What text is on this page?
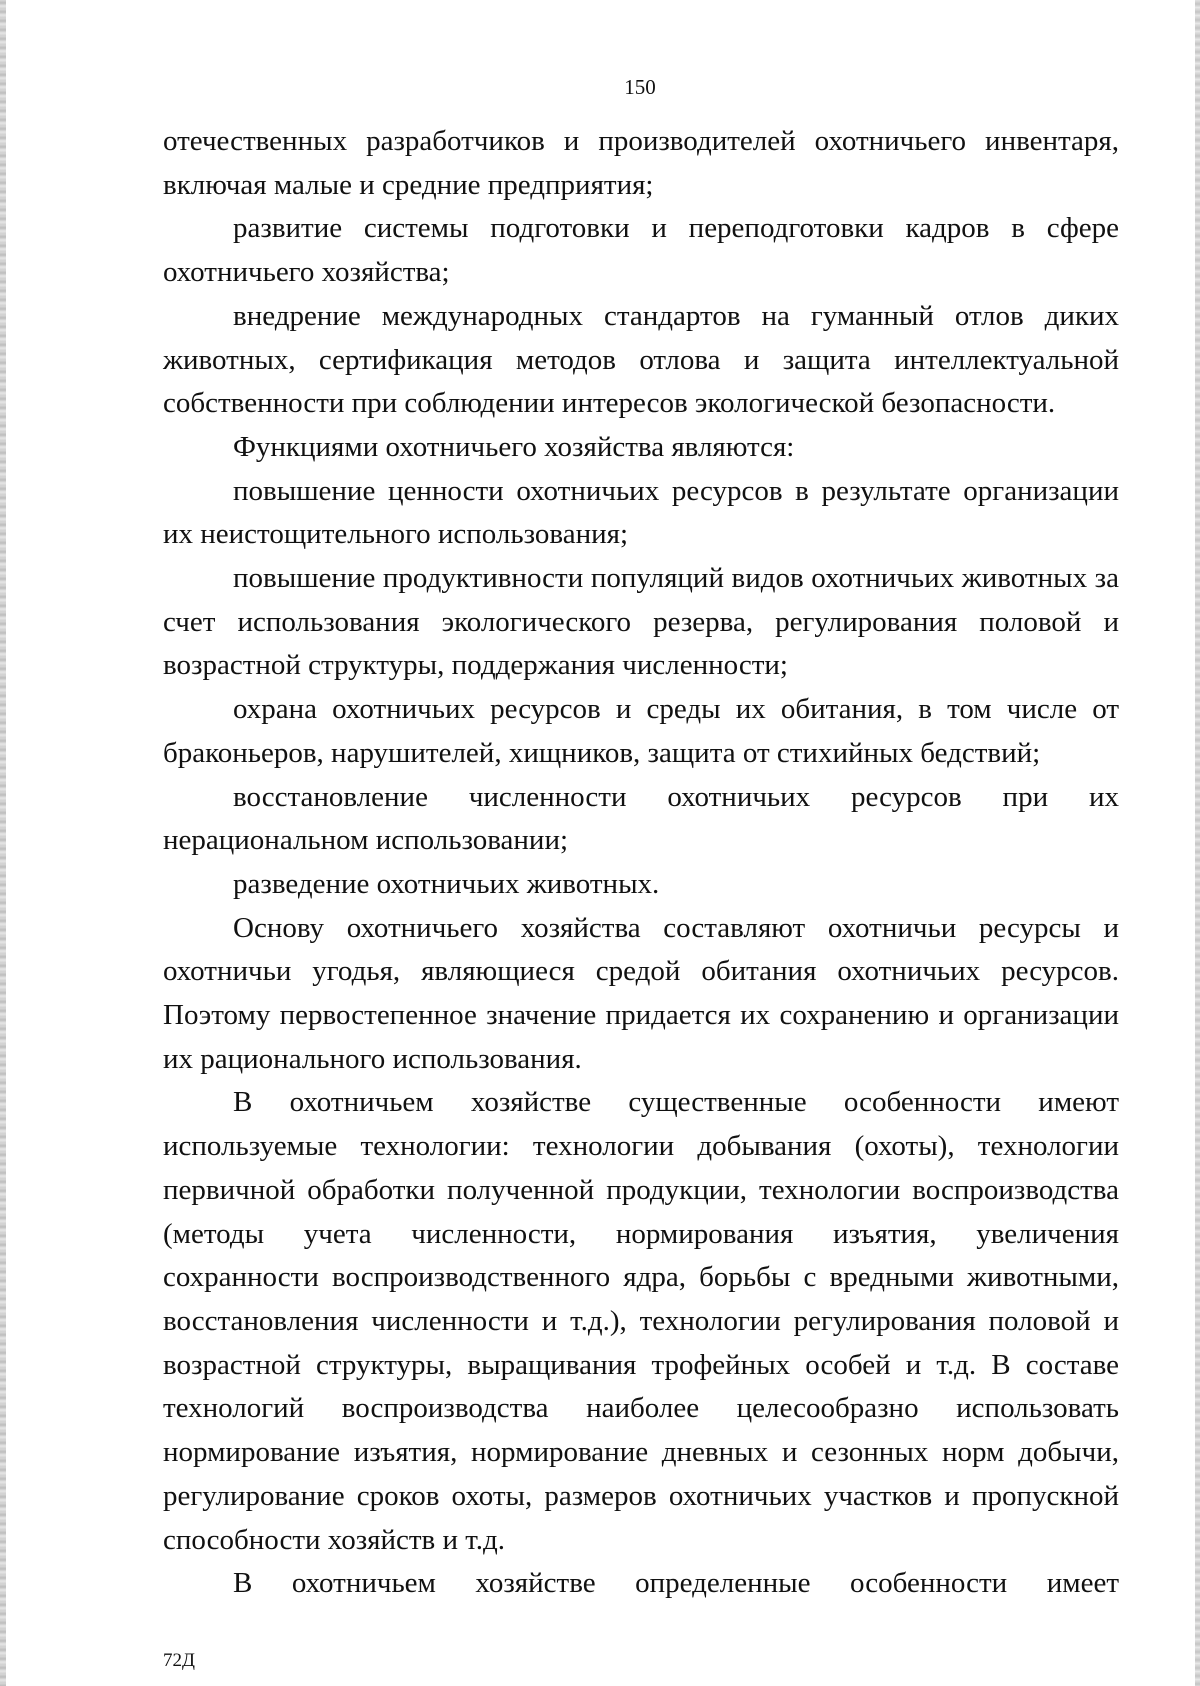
150

отечественных разработчиков и производителей охотничьего инвентаря, включая малые и средние предприятия;

развитие системы подготовки и переподготовки кадров в сфере охотничьего хозяйства;

внедрение международных стандартов на гуманный отлов диких животных, сертификация методов отлова и защита интеллектуальной собственности при соблюдении интересов экологической безопасности.

Функциями охотничьего хозяйства являются:

повышение ценности охотничьих ресурсов в результате организации их неистощительного использования;

повышение продуктивности популяций видов охотничьих животных за счет использования экологического резерва, регулирования половой и возрастной структуры, поддержания численности;

охрана охотничьих ресурсов и среды их обитания, в том числе от браконьеров, нарушителей, хищников, защита от стихийных бедствий;

восстановление численности охотничьих ресурсов при их нерациональном использовании;

разведение охотничьих животных.

Основу охотничьего хозяйства составляют охотничьи ресурсы и охотничьи угодья, являющиеся средой обитания охотничьих ресурсов. Поэтому первостепенное значение придается их сохранению и организации их рационального использования.

В охотничьем хозяйстве существенные особенности имеют используемые технологии: технологии добывания (охоты), технологии первичной обработки полученной продукции, технологии воспроизводства (методы учета численности, нормирования изъятия, увеличения сохранности воспроизводственного ядра, борьбы с вредными животными, восстановления численности и т.д.), технологии регулирования половой и возрастной структуры, выращивания трофейных особей и т.д. В составе технологий воспроизводства наиболее целесообразно использовать нормирование изъятия, нормирование дневных и сезонных норм добычи, регулирование сроков охоты, размеров охотничьих участков и пропускной способности хозяйств и т.д.

В охотничьем хозяйстве определенные особенности имеет

72Д
